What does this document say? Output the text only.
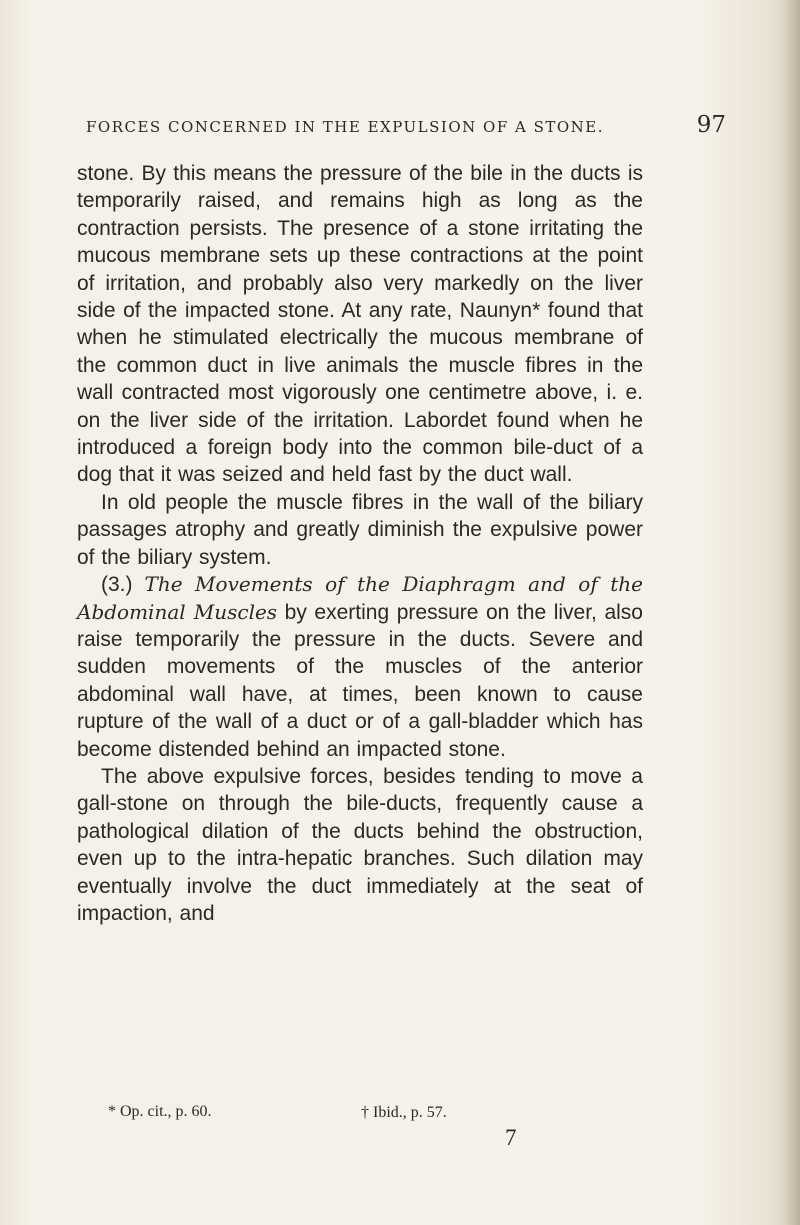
FORCES CONCERNED IN THE EXPULSION OF A STONE.	97

stone. By this means the pressure of the bile in the ducts is temporarily raised, and remains high as long as the contraction persists. The presence of a stone irritating the mucous membrane sets up these contractions at the point of irritation, and probably also very markedly on the liver side of the impacted stone. At any rate, Naunyn* found that when he stimulated electrically the mucous membrane of the common duct in live animals the muscle fibres in the wall contracted most vigorously one centimetre above, i. e. on the liver side of the irritation. Labordet found when he introduced a foreign body into the common bile-duct of a dog that it was seized and held fast by the duct wall.

In old people the muscle fibres in the wall of the biliary passages atrophy and greatly diminish the expulsive power of the biliary system.

(3.) The Movements of the Diaphragm and of the Abdominal Muscles by exerting pressure on the liver, also raise temporarily the pressure in the ducts. Severe and sudden movements of the muscles of the anterior abdominal wall have, at times, been known to cause rupture of the wall of a duct or of a gall-bladder which has become distended behind an impacted stone.

The above expulsive forces, besides tending to move a gall-stone on through the bile-ducts, frequently cause a pathological dilation of the ducts behind the obstruction, even up to the intra-hepatic branches. Such dilation may eventually involve the duct immediately at the seat of impaction, and

* Op. cit., p. 60.	† Ibid., p. 57.
7
